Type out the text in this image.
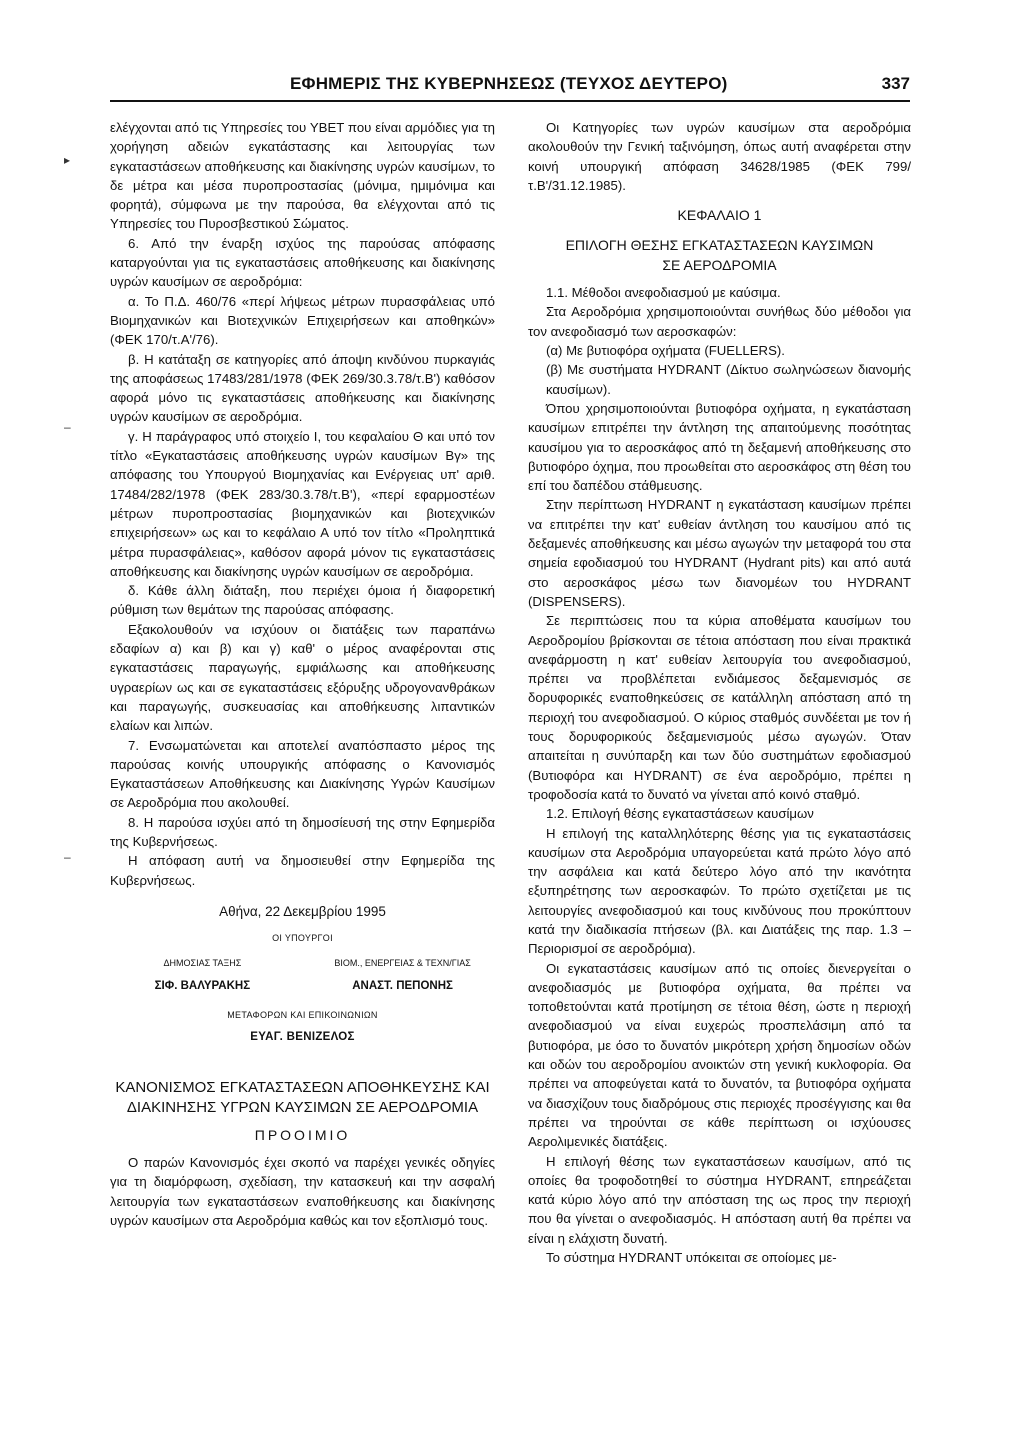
ΕΦΗΜΕΡΙΣ ΤΗΣ ΚΥΒΕΡΝΗΣΕΩΣ (ΤΕΥΧΟΣ ΔΕΥΤΕΡΟ)	337
▸
–
–

ελέγχονται από τις Υπηρεσίες του ΥΒΕΤ που είναι αρμόδιες για τη χορήγηση αδειών εγκατάστασης και λειτουργίας των εγκαταστάσεων αποθήκευσης και διακίνησης υγρών καυσίμων, το δε μέτρα και μέσα πυροπροστασίας (μόνιμα, ημιμόνιμα και φορητά), σύμφωνα με την παρούσα, θα ελέγχονται από τις Υπηρεσίες του Πυροσβεστικού Σώματος.

6. Από την έναρξη ισχύος της παρούσας απόφασης καταργούνται για τις εγκαταστάσεις αποθήκευσης και διακίνησης υγρών καυσίμων σε αεροδρόμια:

α. Το Π.Δ. 460/76 «περί λήψεως μέτρων πυρασφάλειας υπό Βιομηχανικών και Βιοτεχνικών Επιχειρήσεων και αποθηκών» (ΦΕΚ 170/τ.Α'/76).

β. Η κατάταξη σε κατηγορίες από άποψη κινδύνου πυρκαγιάς της αποφάσεως 17483/281/1978 (ΦΕΚ 269/30.3.78/τ.Β') καθόσον αφορά μόνο τις εγκαταστάσεις αποθήκευσης και διακίνησης υγρών καυσίμων σε αεροδρόμια.

γ. Η παράγραφος υπό στοιχείο Ι, του κεφαλαίου Θ και υπό τον τίτλο «Εγκαταστάσεις αποθήκευσης υγρών καυσίμων Βγ» της απόφασης του Υπουργού Βιομηχανίας και Ενέργειας υπ' αριθ. 17484/282/1978 (ΦΕΚ 283/30.3.78/τ.Β'), «περί εφαρμοστέων μέτρων πυροπροστασίας βιομηχανικών και βιοτεχνικών επιχειρήσεων» ως και το κεφάλαιο Α υπό τον τίτλο «Προληπτικά μέτρα πυρασφάλειας», καθόσον αφορά μόνον τις εγκαταστάσεις αποθήκευσης και διακίνησης υγρών καυσίμων σε αεροδρόμια.

δ. Κάθε άλλη διάταξη, που περιέχει όμοια ή διαφορετική ρύθμιση των θεμάτων της παρούσας απόφασης.

Εξακολουθούν να ισχύουν οι διατάξεις των παραπάνω εδαφίων α) και β) και γ) καθ' ο μέρος αναφέρονται στις εγκαταστάσεις παραγωγής, εμφιάλωσης και αποθήκευσης υγραερίων ως και σε εγκαταστάσεις εξόρυξης υδρογονανθράκων και παραγωγής, συσκευασίας και αποθήκευσης λιπαντικών ελαίων και λιπών.

7. Ενσωματώνεται και αποτελεί αναπόσπαστο μέρος της παρούσας κοινής υπουργικής απόφασης ο Κανονισμός Εγκαταστάσεων Αποθήκευσης και Διακίνησης Υγρών Καυσίμων σε Αεροδρόμια που ακολουθεί.

8. Η παρούσα ισχύει από τη δημοσίευσή της στην Εφημερίδα της Κυβερνήσεως.

Η απόφαση αυτή να δημοσιευθεί στην Εφημερίδα της Κυβερνήσεως.

Αθήνα, 22 Δεκεμβρίου 1995
ΟΙ ΥΠΟΥΡΓΟΙ
ΔΗΜΟΣΙΑΣ ΤΑΞΗΣ
ΣΙΦ. ΒΑΛΥΡΑΚΗΣ
ΒΙΟΜ., ΕΝΕΡΓΕΙΑΣ & ΤΕΧΝ/ΓΙΑΣ
ΑΝΑΣΤ. ΠΕΠΟΝΗΣ
ΜΕΤΑΦΟΡΩΝ ΚΑΙ ΕΠΙΚΟΙΝΩΝΙΩΝ
ΕΥΑΓ. ΒΕΝΙΖΕΛΟΣ
ΚΑΝΟΝΙΣΜΟΣ ΕΓΚΑΤΑΣΤΑΣΕΩΝ ΑΠΟΘΗΚΕΥΣΗΣ ΚΑΙ
ΔΙΑΚΙΝΗΣΗΣ ΥΓΡΩΝ ΚΑΥΣΙΜΩΝ ΣΕ ΑΕΡΟΔΡΟΜΙΑ
ΠΡΟΟΙΜΙΟ

Ο παρών Κανονισμός έχει σκοπό να παρέχει γενικές οδηγίες για τη διαμόρφωση, σχεδίαση, την κατασκευή και την ασφαλή λειτουργία των εγκαταστάσεων εναποθήκευσης και διακίνησης υγρών καυσίμων στα Αεροδρόμια καθώς και τον εξοπλισμό τους.

Οι Κατηγορίες των υγρών καυσίμων στα αεροδρόμια ακολουθούν την Γενική ταξινόμηση, όπως αυτή αναφέρεται στην κοινή υπουργική απόφαση 34628/1985 (ΦΕΚ 799/τ.Β'/31.12.1985).

ΚΕΦΑΛΑΙΟ 1
ΕΠΙΛΟΓΗ ΘΕΣΗΣ ΕΓΚΑΤΑΣΤΑΣΕΩΝ ΚΑΥΣΙΜΩΝ
ΣΕ ΑΕΡΟΔΡΟΜΙΑ

1.1. Μέθοδοι ανεφοδιασμού με καύσιμα.

Στα Αεροδρόμια χρησιμοποιούνται συνήθως δύο μέθοδοι για τον ανεφοδιασμό των αεροσκαφών:

(α) Με βυτιοφόρα οχήματα (FUELLERS).

(β) Με συστήματα HYDRANT (Δίκτυο σωληνώσεων διανομής καυσίμων).

Όπου χρησιμοποιούνται βυτιοφόρα οχήματα, η εγκατάσταση καυσίμων επιτρέπει την άντληση της απαιτούμενης ποσότητας καυσίμου για το αεροσκάφος από τη δεξαμενή αποθήκευσης στο βυτιοφόρο όχημα, που προωθείται στο αεροσκάφος στη θέση του επί του δαπέδου στάθμευσης.

Στην περίπτωση HYDRANT η εγκατάσταση καυσίμων πρέπει να επιτρέπει την κατ' ευθείαν άντληση του καυσίμου από τις δεξαμενές αποθήκευσης και μέσω αγωγών την μεταφορά του στα σημεία εφοδιασμού του HYDRANT (Hydrant pits) και από αυτά στο αεροσκάφος μέσω των διανομέων του HYDRANT (DISPENSERS).

Σε περιπτώσεις που τα κύρια αποθέματα καυσίμων του Αεροδρομίου βρίσκονται σε τέτοια απόσταση που είναι πρακτικά ανεφάρμοστη η κατ' ευθείαν λειτουργία του ανεφοδιασμού, πρέπει να προβλέπεται ενδιάμεσος δεξαμενισμός σε δορυφορικές εναποθηκεύσεις σε κατάλληλη απόσταση από τη περιοχή του ανεφοδιασμού. Ο κύριος σταθμός συνδέεται με τον ή τους δορυφορικούς δεξαμενισμούς μέσω αγωγών. Όταν απαιτείται η συνύπαρξη και των δύο συστημάτων εφοδιασμού (Βυτιοφόρα και HYDRANT) σε ένα αεροδρόμιο, πρέπει η τροφοδοσία κατά το δυνατό να γίνεται από κοινό σταθμό.

1.2. Επιλογή θέσης εγκαταστάσεων καυσίμων

Η επιλογή της καταλληλότερης θέσης για τις εγκαταστάσεις καυσίμων στα Αεροδρόμια υπαγορεύεται κατά πρώτο λόγο από την ασφάλεια και κατά δεύτερο λόγο από την ικανότητα εξυπηρέτησης των αεροσκαφών. Το πρώτο σχετίζεται με τις λειτουργίες ανεφοδιασμού και τους κινδύνους που προκύπτουν κατά την διαδικασία πτήσεων (βλ. και Διατάξεις της παρ. 1.3 – Περιορισμοί σε αεροδρόμια).

Οι εγκαταστάσεις καυσίμων από τις οποίες διενεργείται ο ανεφοδιασμός με βυτιοφόρα οχήματα, θα πρέπει να τοποθετούνται κατά προτίμηση σε τέτοια θέση, ώστε η περιοχή ανεφοδιασμού να είναι ευχερώς προσπελάσιμη από τα βυτιοφόρα, με όσο το δυνατόν μικρότερη χρήση δημοσίων οδών και οδών του αεροδρομίου ανοικτών στη γενική κυκλοφορία. Θα πρέπει να αποφεύγεται κατά το δυνατόν, τα βυτιοφόρα οχήματα να διασχίζουν τους διαδρόμους στις περιοχές προσέγγισης και θα πρέπει να τηρούνται σε κάθε περίπτωση οι ισχύουσες Αερολιμενικές διατάξεις.

Η επιλογή θέσης των εγκαταστάσεων καυσίμων, από τις οποίες θα τροφοδοτηθεί το σύστημα HYDRANT, επηρεάζεται κατά κύριο λόγο από την απόσταση της ως προς την περιοχή που θα γίνεται ο ανεφοδιασμός. Η απόσταση αυτή θα πρέπει να είναι η ελάχιστη δυνατή.

Το σύστημα HYDRANT υπόκειται σε οποίομες με-
